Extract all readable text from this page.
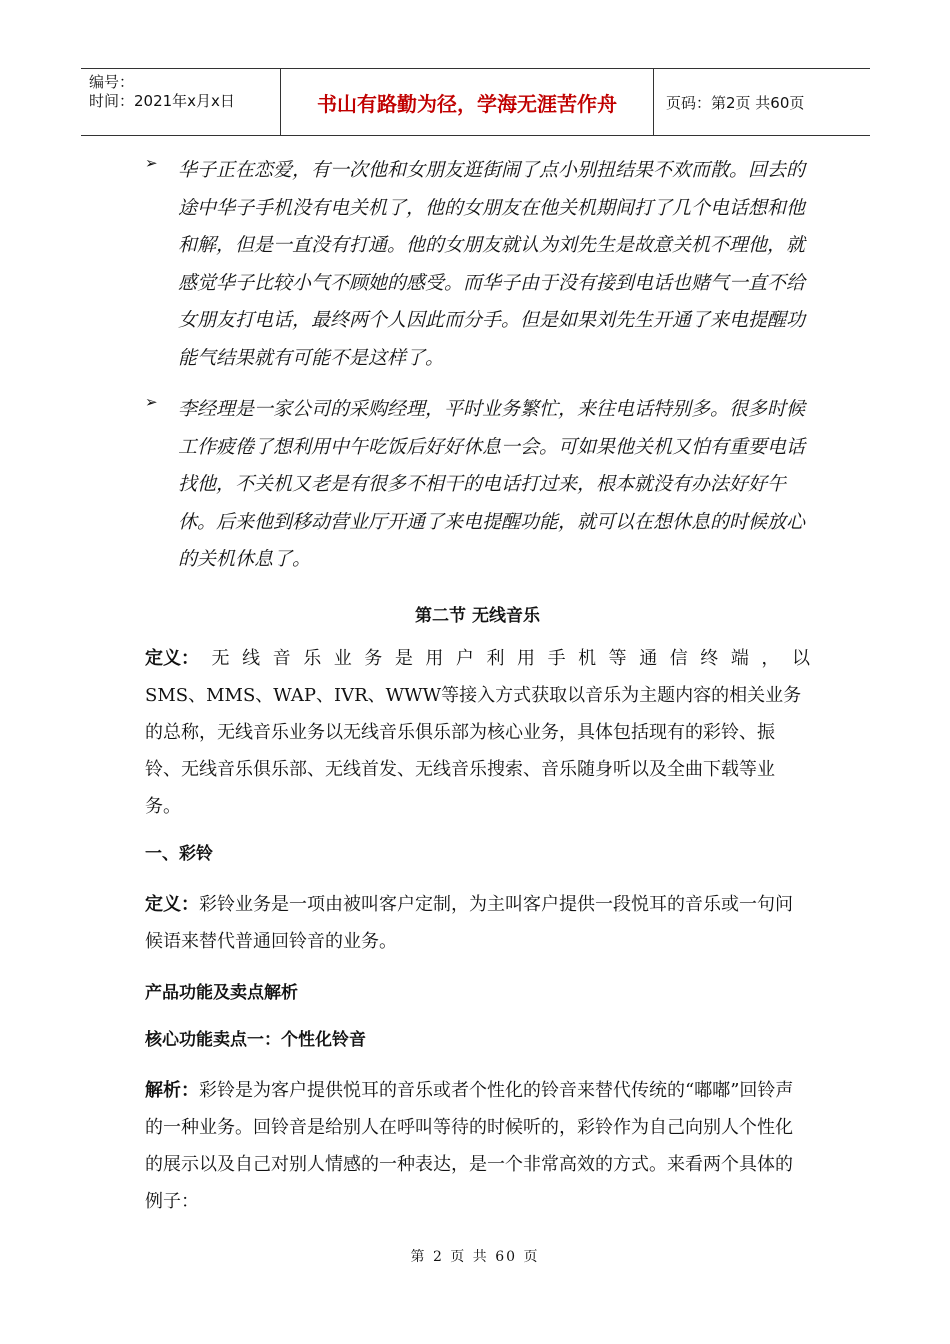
编号：
时间：2021年x月x日	书山有路勤为径，学海无涯苦作舟	页码：第2页 共60页
➢ 华子正在恋爱，有一次他和女朋友逛街闹了点小别扭结果不欢而散。回去的途中华子手机没有电关机了，他的女朋友在他关机期间打了几个电话想和他和解，但是一直没有打通。他的女朋友就认为刘先生是故意关机不理他，就感觉华子比较小气不顾她的感受。而华子由于没有接到电话也赌气一直不给女朋友打电话，最终两个人因此而分手。但是如果刘先生开通了来电提醒功能气结果就有可能不是这样了。

➢ 李经理是一家公司的采购经理，平时业务繁忙，来往电话特别多。很多时候工作疲倦了想利用中午吃饭后好好休息一会。可如果他关机又怕有重要电话找他，不关机又老是有很多不相干的电话打过来，根本就没有办法好好午休。后来他到移动营业厅开通了来电提醒功能，就可以在想休息的时候放心的关机休息了。

第二节 无线音乐
定义： 无 线 音 乐 业 务 是 用 户 利 用 手 机 等 通 信 终 端 ， 以

SMS、MMS、WAP、IVR、WWW等接入方式获取以音乐为主题内容的相关业务的总称，无线音乐业务以无线音乐俱乐部为核心业务，具体包括现有的彩铃、振铃、无线音乐俱乐部、无线首发、无线音乐搜索、音乐随身听以及全曲下载等业务。

一、彩铃

定义：彩铃业务是一项由被叫客户定制，为主叫客户提供一段悦耳的音乐或一句问候语来替代普通回铃音的业务。

产品功能及卖点解析
核心功能卖点一：个性化铃音

解析：彩铃是为客户提供悦耳的音乐或者个性化的铃音来替代传统的“嘟嘟”回铃声的一种业务。回铃音是给别人在呼叫等待的时候听的，彩铃作为自己向别人个性化的展示以及自己对别人情感的一种表达，是一个非常高效的方式。来看两个具体的例子：

第 2 页 共 60 页
